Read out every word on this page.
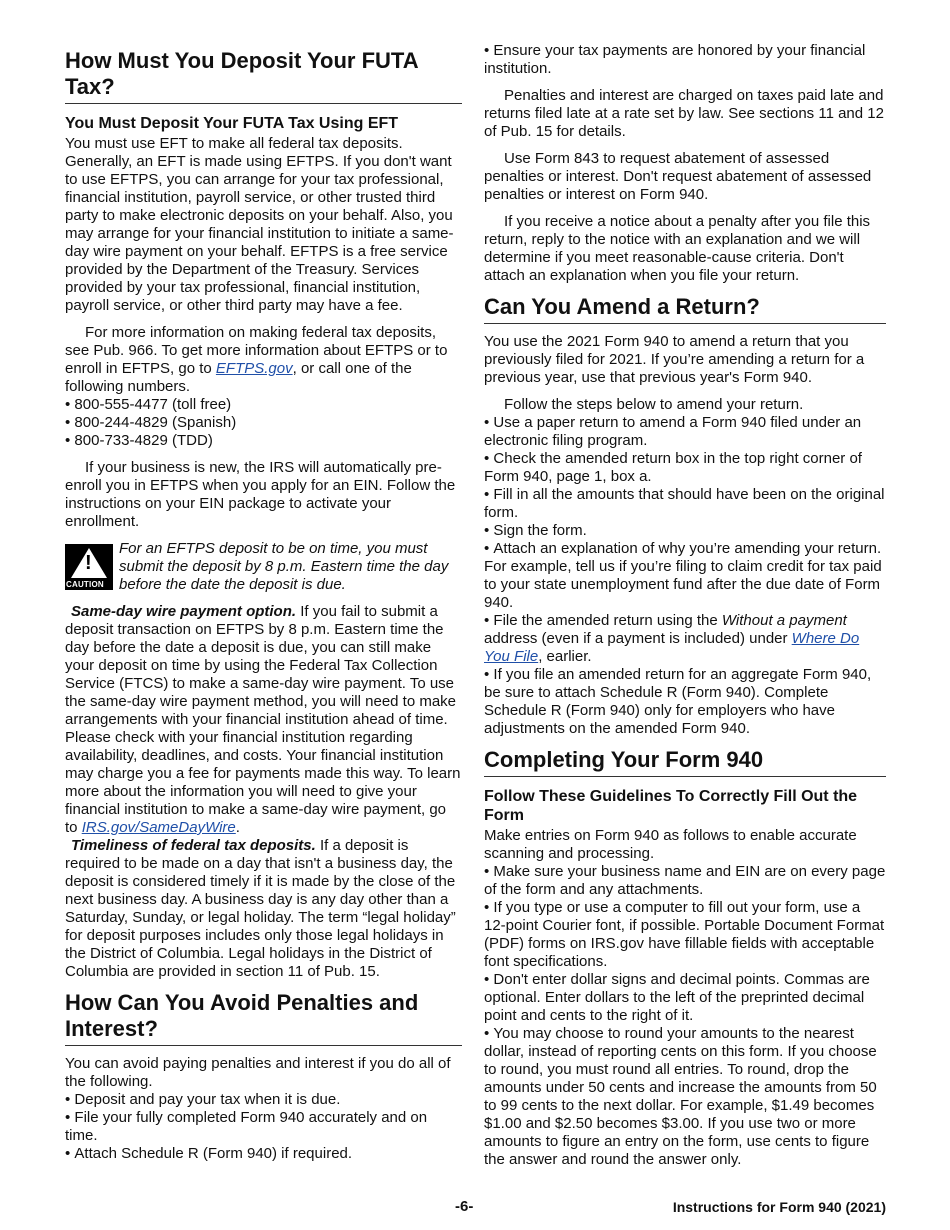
How Must You Deposit Your FUTA Tax?
You Must Deposit Your FUTA Tax Using EFT
You must use EFT to make all federal tax deposits. Generally, an EFT is made using EFTPS. If you don't want to use EFTPS, you can arrange for your tax professional, financial institution, payroll service, or other trusted third party to make electronic deposits on your behalf. Also, you may arrange for your financial institution to initiate a same-day wire payment on your behalf. EFTPS is a free service provided by the Department of the Treasury. Services provided by your tax professional, financial institution, payroll service, or other third party may have a fee.
For more information on making federal tax deposits, see Pub. 966. To get more information about EFTPS or to enroll in EFTPS, go to EFTPS.gov, or call one of the following numbers.
• 800-555-4477 (toll free)
• 800-244-4829 (Spanish)
• 800-733-4829 (TDD)
If your business is new, the IRS will automatically pre-enroll you in EFTPS when you apply for an EIN. Follow the instructions on your EIN package to activate your enrollment.
!
CAUTION
For an EFTPS deposit to be on time, you must submit the deposit by 8 p.m. Eastern time the day before the date the deposit is due.
Same-day wire payment option. If you fail to submit a deposit transaction on EFTPS by 8 p.m. Eastern time the day before the date a deposit is due, you can still make your deposit on time by using the Federal Tax Collection Service (FTCS) to make a same-day wire payment. To use the same-day wire payment method, you will need to make arrangements with your financial institution ahead of time. Please check with your financial institution regarding availability, deadlines, and costs. Your financial institution may charge you a fee for payments made this way. To learn more about the information you will need to give your financial institution to make a same-day wire payment, go to IRS.gov/SameDayWire.
Timeliness of federal tax deposits. If a deposit is required to be made on a day that isn't a business day, the deposit is considered timely if it is made by the close of the next business day. A business day is any day other than a Saturday, Sunday, or legal holiday. The term “legal holiday” for deposit purposes includes only those legal holidays in the District of Columbia. Legal holidays in the District of Columbia are provided in section 11 of Pub. 15.
How Can You Avoid Penalties and Interest?
You can avoid paying penalties and interest if you do all of the following.
• Deposit and pay your tax when it is due.
• File your fully completed Form 940 accurately and on time.
• Attach Schedule R (Form 940) if required.
• Ensure your tax payments are honored by your financial institution.
Penalties and interest are charged on taxes paid late and returns filed late at a rate set by law. See sections 11 and 12 of Pub. 15 for details.
Use Form 843 to request abatement of assessed penalties or interest. Don't request abatement of assessed penalties or interest on Form 940.
If you receive a notice about a penalty after you file this return, reply to the notice with an explanation and we will determine if you meet reasonable-cause criteria. Don't attach an explanation when you file your return.
Can You Amend a Return?
You use the 2021 Form 940 to amend a return that you previously filed for 2021. If you’re amending a return for a previous year, use that previous year's Form 940.
Follow the steps below to amend your return.
• Use a paper return to amend a Form 940 filed under an electronic filing program.
• Check the amended return box in the top right corner of Form 940, page 1, box a.
• Fill in all the amounts that should have been on the original form.
• Sign the form.
• Attach an explanation of why you’re amending your return. For example, tell us if you’re filing to claim credit for tax paid to your state unemployment fund after the due date of Form 940.
• File the amended return using the Without a payment address (even if a payment is included) under Where Do You File, earlier.
• If you file an amended return for an aggregate Form 940, be sure to attach Schedule R (Form 940). Complete Schedule R (Form 940) only for employers who have adjustments on the amended Form 940.
Completing Your Form 940
Follow These Guidelines To Correctly Fill Out the Form
Make entries on Form 940 as follows to enable accurate scanning and processing.
• Make sure your business name and EIN are on every page of the form and any attachments.
• If you type or use a computer to fill out your form, use a 12-point Courier font, if possible. Portable Document Format (PDF) forms on IRS.gov have fillable fields with acceptable font specifications.
• Don't enter dollar signs and decimal points. Commas are optional. Enter dollars to the left of the preprinted decimal point and cents to the right of it.
• You may choose to round your amounts to the nearest dollar, instead of reporting cents on this form. If you choose to round, you must round all entries. To round, drop the amounts under 50 cents and increase the amounts from 50 to 99 cents to the next dollar. For example, $1.49 becomes $1.00 and $2.50 becomes $3.00. If you use two or more amounts to figure an entry on the form, use cents to figure the answer and round the answer only.
-6-	Instructions for Form 940 (2021)
